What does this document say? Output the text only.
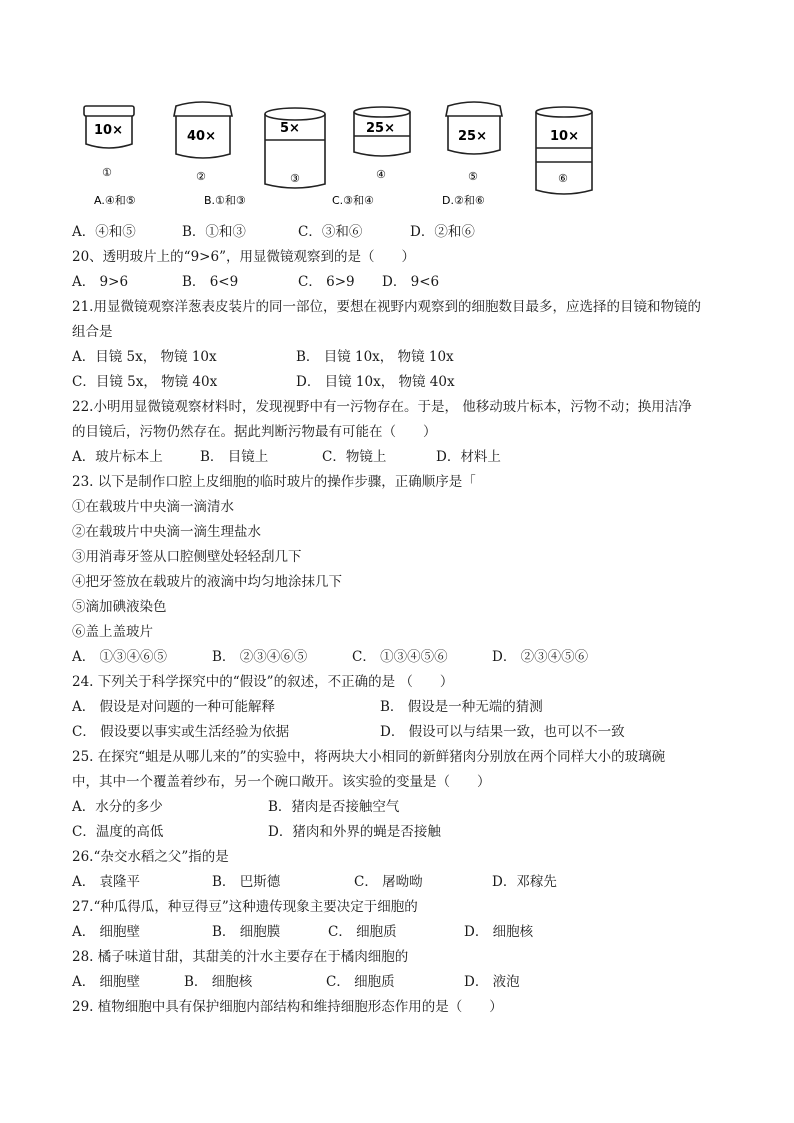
10×	40×
5×	25×
25×	10×
①	②	③	④	⑤	⑥
A.④和⑤	B.①和③	C.③和④	D.②和⑥
A．④和⑤	B．①和③	C．③和⑥	D．②和⑥
20、透明玻片上的“9>6”，用显微镜观察到的是（　　）
A． 9>6	B． 6<9	C． 6>9 D． 9<6
21.用显微镜观察洋葱表皮装片的同一部位，要想在视野内观察到的细胞数目最多，应选择的目镜和物镜的
组合是
A．目镜 5x， 物镜 10x	B． 目镜 10x， 物镜 10x
C．目镜 5x， 物镜 40x	D． 目镜 10x， 物镜 40x
22.小明用显微镜观察材料时，发现视野中有一污物存在。于是， 他移动玻片标本，污物不动；换用洁净
的目镜后，污物仍然存在。据此判断污物最有可能在（　　）
A．玻片标本上	B． 目镜上	C．物镜上	D．材料上
23. 以下是制作口腔上皮细胞的临时玻片的操作步骤，正确顺序是「
①在载玻片中央滴一滴清水
②在载玻片中央滴一滴生理盐水
③用消毒牙签从口腔侧壁处轻轻刮几下
④把牙签放在载玻片的液滴中均匀地涂抹几下
⑤滴加碘液染色
⑥盖上盖玻片
A． ①③④⑥⑤	B． ②③④⑥⑤	C． ①③④⑤⑥	D． ②③④⑤⑥
24. 下列关于科学探究中的“假设”的叙述，不正确的是 （　　）
A． 假设是对问题的一种可能解释	B． 假设是一种无端的猜测
C． 假设要以事实或生活经验为依据	D． 假设可以与结果一致，也可以不一致
25. 在探究“蛆是从哪儿来的”的实验中，将两块大小相同的新鲜猪肉分别放在两个同样大小的玻璃碗
中，其中一个覆盖着纱布，另一个碗口敞开。该实验的变量是（　　）
A．水分的多少	B．猪肉是否接触空气
C．温度的高低	D．猪肉和外界的蝇是否接触
26.“杂交水稻之父”指的是
A． 袁隆平	B． 巴斯德	C． 屠呦呦	D．邓稼先
27.“种瓜得瓜，种豆得豆”这种遗传现象主要决定于细胞的
A． 细胞壁	B． 细胞膜	C． 细胞质	D． 细胞核
28. 橘子味道甘甜，其甜美的汁水主要存在于橘肉细胞的
A． 细胞壁	B． 细胞核	C． 细胞质	D． 液泡
29. 植物细胞中具有保护细胞内部结构和维持细胞形态作用的是（　　）
